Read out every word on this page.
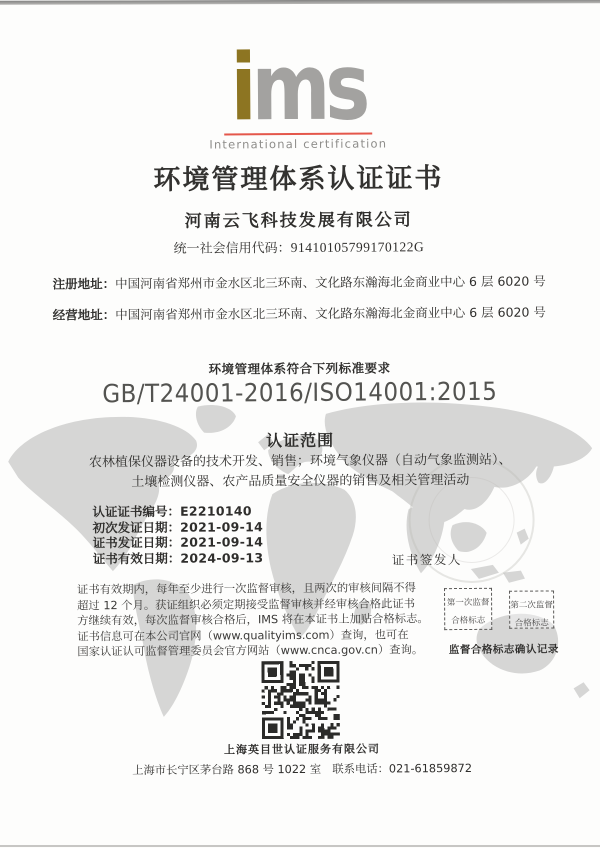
ims
International certification
环境管理体系认证证书
河南云飞科技发展有限公司
统一社会信用代码：91410105799170122G
注册地址：中国河南省郑州市金水区北三环南、文化路东瀚海北金商业中心 6 层 6020 号
经营地址：中国河南省郑州市金水区北三环南、文化路东瀚海北金商业中心 6 层 6020 号
环境管理体系符合下列标准要求
GB/T24001-2016/ISO14001:2015
认证范围
农林植保仪器设备的技术开发、销售；环境气象仪器（自动气象监测站）、
土壤检测仪器、农产品质量安全仪器的销售及相关管理活动
认证证书编号：E2210140
初次发证日期：2021-09-14
证书发证日期：2021-09-14
证书有效日期：2024-09-13	证书签发人
证书有效期内，每年至少进行一次监督审核，且两次的审核间隔不得
超过 12 个月。获证组织必须定期接受监督审核并经审核合格此证书
方继续有效，每次监督审核合格后，IMS 将在本证书上加贴合格标志。
证书信息可在本公司官网（www.qualityims.com）查询，也可在
国家认证认可监督管理委员会官方网站（www.cnca.gov.cn）查询。
第一次监督
合格标志
第二次监督
合格标志
监督合格标志确认记录
上海英目世认证服务有限公司
上海市长宁区茅台路 868 号 1022 室　联系电话：021-61859872
